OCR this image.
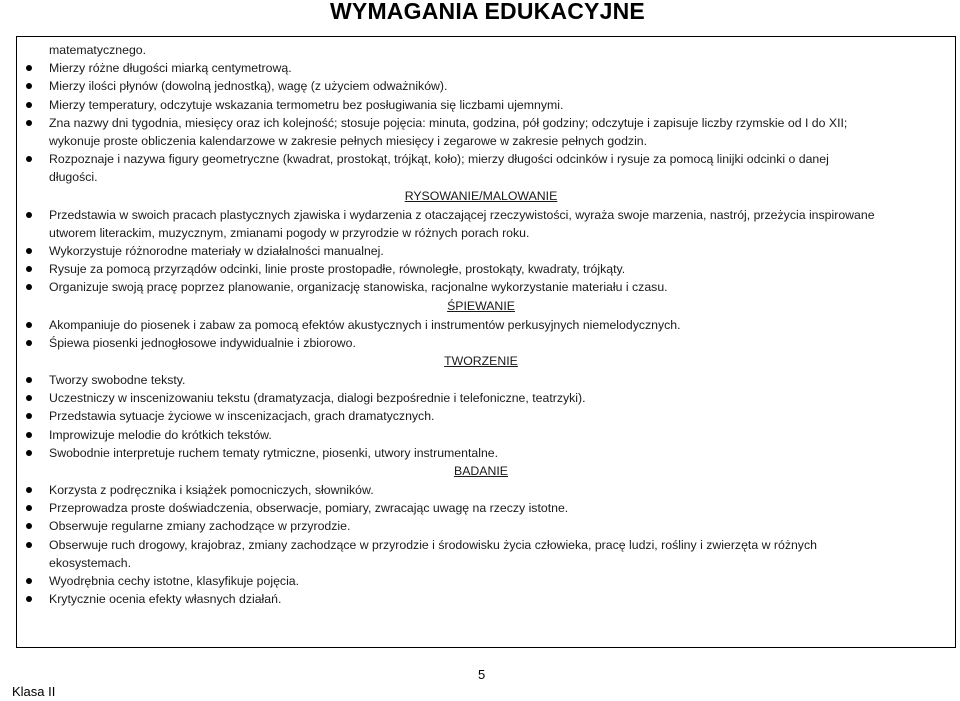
WYMAGANIA EDUKACYJNE
matematycznego.
Mierzy różne długości miarką centymetrową.
Mierzy ilości płynów (dowolną jednostką), wagę (z użyciem odważników).
Mierzy temperatury, odczytuje wskazania termometru bez posługiwania się liczbami ujemnymi.
Zna nazwy dni tygodnia, miesięcy oraz ich kolejność; stosuje pojęcia: minuta, godzina, pół godziny; odczytuje i zapisuje liczby rzymskie od I do XII;
wykonuje proste obliczenia kalendarzowe w zakresie pełnych miesięcy i zegarowe w zakresie pełnych godzin.
Rozpoznaje i nazywa figury geometryczne (kwadrat, prostokąt, trójkąt, koło); mierzy długości odcinków i rysuje za pomocą linijki odcinki o danej
długości.
RYSOWANIE/MALOWANIE
Przedstawia w swoich pracach plastycznych zjawiska i wydarzenia z otaczającej rzeczywistości, wyraża swoje marzenia, nastrój, przeżycia inspirowane
utworem literackim, muzycznym, zmianami pogody w przyrodzie w różnych porach roku.
Wykorzystuje różnorodne materiały w działalności manualnej.
Rysuje za pomocą przyrządów odcinki, linie proste prostopadłe, równoległe, prostokąty, kwadraty, trójkąty.
Organizuje swoją pracę poprzez planowanie, organizację stanowiska, racjonalne wykorzystanie materiału i czasu.
ŚPIEWANIE
Akompaniuje do piosenek i zabaw za pomocą efektów akustycznych i instrumentów perkusyjnych niemelodycznych.
Śpiewa piosenki jednogłosowe indywidualnie i zbiorowo.
TWORZENIE
Tworzy swobodne teksty.
Uczestniczy w inscenizowaniu tekstu (dramatyzacja, dialogi bezpośrednie i telefoniczne, teatrzyki).
Przedstawia sytuacje życiowe w inscenizacjach, grach dramatycznych.
Improwizuje melodie do krótkich tekstów.
Swobodnie interpretuje ruchem tematy rytmiczne, piosenki, utwory instrumentalne.
BADANIE
Korzysta z podręcznika i książek pomocniczych, słowników.
Przeprowadza proste doświadczenia, obserwacje, pomiary, zwracając uwagę na rzeczy istotne.
Obserwuje regularne zmiany zachodzące w przyrodzie.
Obserwuje ruch drogowy, krajobraz, zmiany zachodzące w przyrodzie i środowisku życia człowieka, pracę ludzi, rośliny i zwierzęta w różnych
ekosystemach.
Wyodrębnia cechy istotne, klasyfikuje pojęcia.
Krytycznie ocenia efekty własnych działań.
5
Klasa II
